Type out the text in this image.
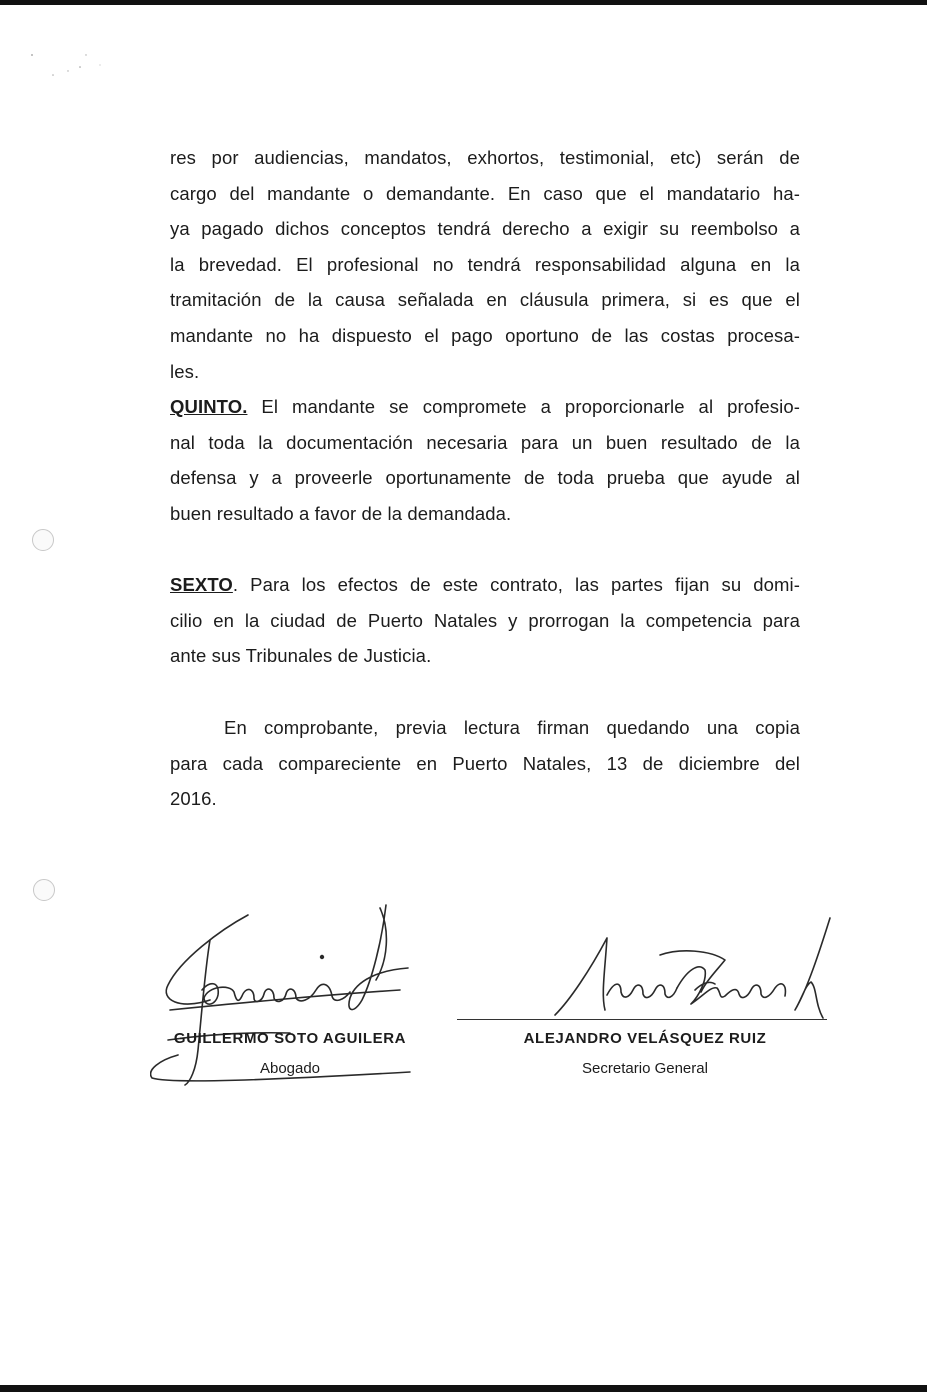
res por audiencias, mandatos, exhortos, testimonial, etc) serán de
cargo del mandante o demandante. En caso que el mandatario ha-
ya pagado dichos conceptos tendrá derecho a exigir su reembolso a
la brevedad. El profesional no tendrá responsabilidad alguna en la
tramitación de la causa señalada en cláusula primera, si es que el
mandante no ha dispuesto el pago oportuno de las costas procesa-
les.

QUINTO. El mandante se compromete a proporcionarle al profesio-
nal toda la documentación necesaria para un buen resultado de la
defensa y a proveerle oportunamente de toda prueba que ayude al
buen resultado a favor de la demandada.

SEXTO. Para los efectos de este contrato, las partes fijan su domi-
cilio en la ciudad de Puerto Natales y prorrogan la competencia para
ante sus Tribunales de Justicia.
En comprobante, previa lectura firman quedando una copia
para cada compareciente en Puerto Natales, 13 de diciembre del
2016.
GUILLERMO SOTO AGUILERA
Abogado
ALEJANDRO VELÁSQUEZ RUIZ
Secretario General
